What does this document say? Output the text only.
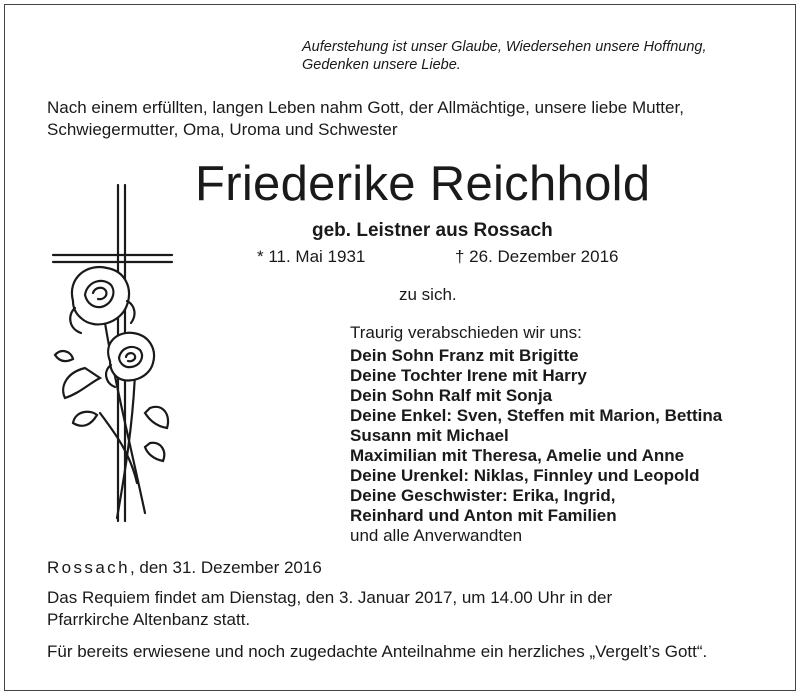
Auferstehung ist unser Glaube, Wiedersehen unsere Hoffnung,
Gedenken unsere Liebe.
Nach einem erfüllten, langen Leben nahm Gott, der Allmächtige, unsere liebe Mutter,
Schwiegermutter, Oma, Uroma und Schwester
Friederike Reichhold
geb. Leistner aus Rossach
* 11. Mai 1931	† 26. Dezember 2016
zu sich.
Traurig verabschieden wir uns:
Dein Sohn Franz mit Brigitte
Deine Tochter Irene mit Harry
Dein Sohn Ralf mit Sonja
Deine Enkel: Sven, Steffen mit Marion, Bettina
Susann mit Michael
Maximilian mit Theresa, Amelie und Anne
Deine Urenkel: Niklas, Finnley und Leopold
Deine Geschwister: Erika, Ingrid,
Reinhard und Anton mit Familien
und alle Anverwandten
Rossach, den 31. Dezember 2016
Das Requiem findet am Dienstag, den 3. Januar 2017, um 14.00 Uhr in der
Pfarrkirche Altenbanz statt.
Für bereits erwiesene und noch zugedachte Anteilnahme ein herzliches „Vergelt’s Gott“.
